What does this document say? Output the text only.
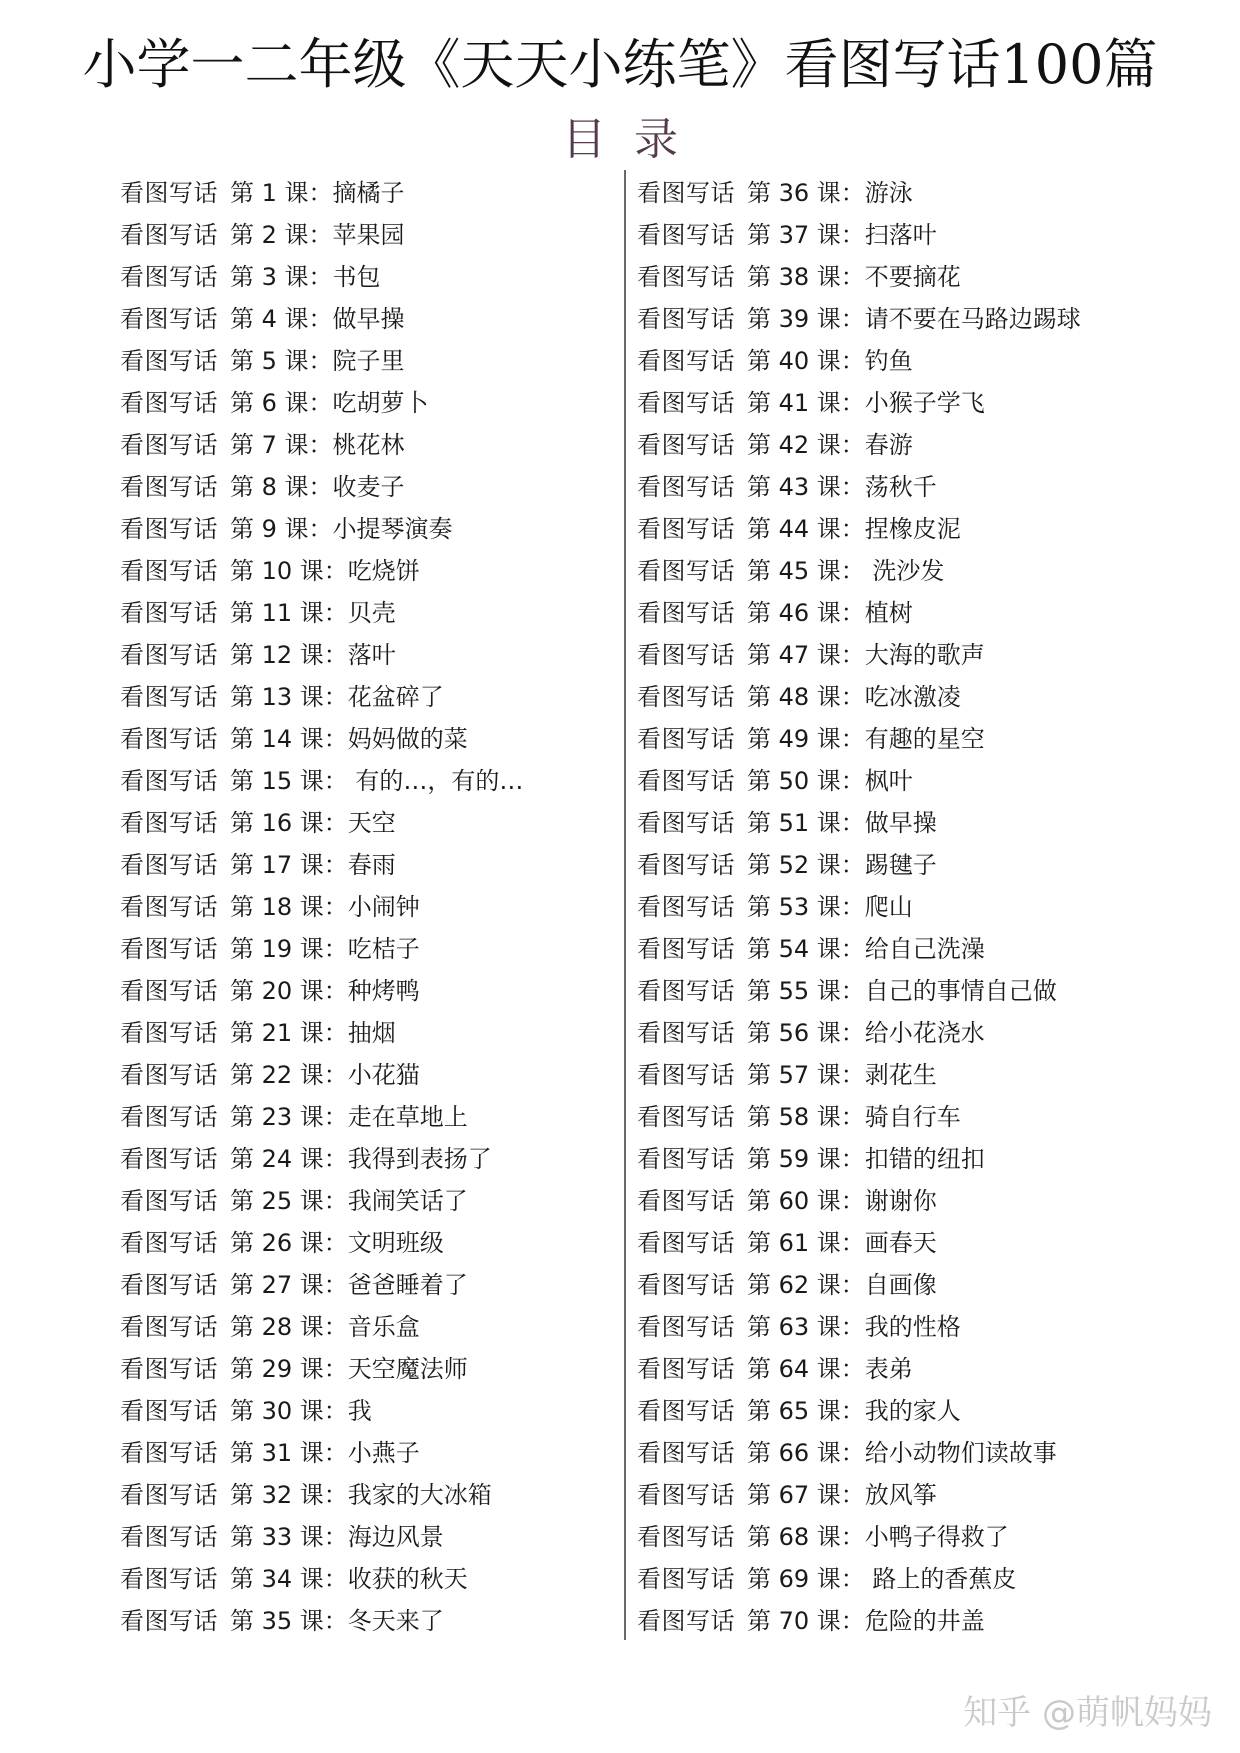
小学一二年级《天天小练笔》看图写话100篇
目录
看图写话 第 1 课：摘橘子
看图写话 第 2 课：苹果园
看图写话 第 3 课：书包
看图写话 第 4 课：做早操
看图写话 第 5 课：院子里
看图写话 第 6 课：吃胡萝卜
看图写话 第 7 课：桃花林
看图写话 第 8 课：收麦子
看图写话 第 9 课：小提琴演奏
看图写话 第 10 课：吃烧饼
看图写话 第 11 课：贝壳
看图写话 第 12 课：落叶
看图写话 第 13 课：花盆碎了
看图写话 第 14 课：妈妈做的菜
看图写话 第 15 课： 有的…，有的…
看图写话 第 16 课：天空
看图写话 第 17 课：春雨
看图写话 第 18 课：小闹钟
看图写话 第 19 课：吃桔子
看图写话 第 20 课：种烤鸭
看图写话 第 21 课：抽烟
看图写话 第 22 课：小花猫
看图写话 第 23 课：走在草地上
看图写话 第 24 课：我得到表扬了
看图写话 第 25 课：我闹笑话了
看图写话 第 26 课：文明班级
看图写话 第 27 课：爸爸睡着了
看图写话 第 28 课：音乐盒
看图写话 第 29 课：天空魔法师
看图写话 第 30 课：我
看图写话 第 31 课：小燕子
看图写话 第 32 课：我家的大冰箱
看图写话 第 33 课：海边风景
看图写话 第 34 课：收获的秋天
看图写话 第 35 课：冬天来了
看图写话 第 36 课：游泳
看图写话 第 37 课：扫落叶
看图写话 第 38 课：不要摘花
看图写话 第 39 课：请不要在马路边踢球
看图写话 第 40 课：钓鱼
看图写话 第 41 课：小猴子学飞
看图写话 第 42 课：春游
看图写话 第 43 课：荡秋千
看图写话 第 44 课：捏橡皮泥
看图写话 第 45 课： 洗沙发
看图写话 第 46 课：植树
看图写话 第 47 课：大海的歌声
看图写话 第 48 课：吃冰激凌
看图写话 第 49 课：有趣的星空
看图写话 第 50 课：枫叶
看图写话 第 51 课：做早操
看图写话 第 52 课：踢毽子
看图写话 第 53 课：爬山
看图写话 第 54 课：给自己洗澡
看图写话 第 55 课：自己的事情自己做
看图写话 第 56 课：给小花浇水
看图写话 第 57 课：剥花生
看图写话 第 58 课：骑自行车
看图写话 第 59 课：扣错的纽扣
看图写话 第 60 课：谢谢你
看图写话 第 61 课：画春天
看图写话 第 62 课：自画像
看图写话 第 63 课：我的性格
看图写话 第 64 课：表弟
看图写话 第 65 课：我的家人
看图写话 第 66 课：给小动物们读故事
看图写话 第 67 课：放风筝
看图写话 第 68 课：小鸭子得救了
看图写话 第 69 课： 路上的香蕉皮
看图写话 第 70 课：危险的井盖
知乎 @萌帆妈妈
